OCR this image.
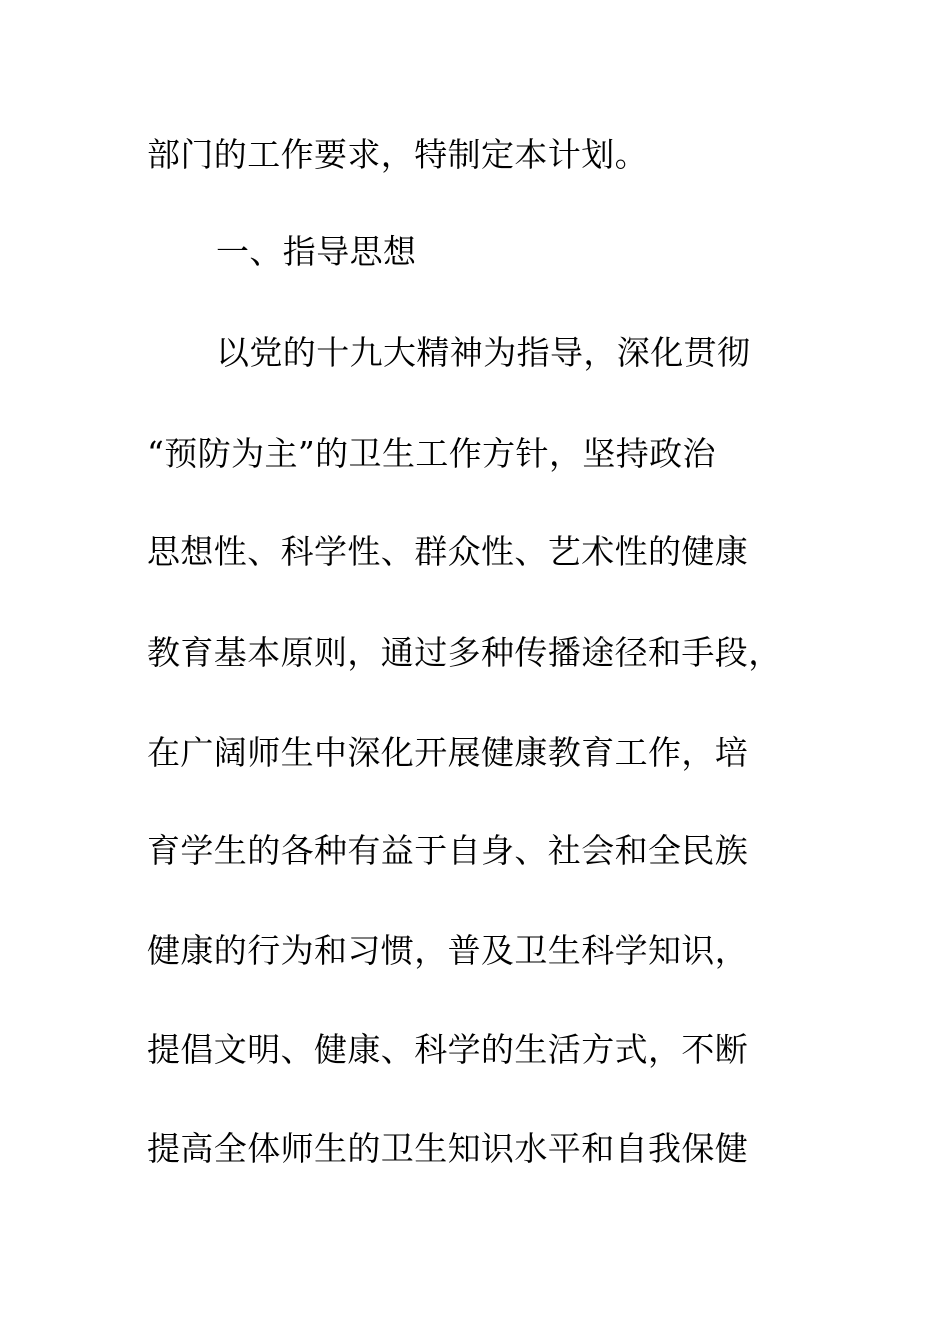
部门的工作要求，特制定本计划。
一、指导思想
以党的十九大精神为指导，深化贯彻
“预防为主”的卫生工作方针，坚持政治
思想性、科学性、群众性、艺术性的健康
教育基本原则，通过多种传播途径和手段，
在广阔师生中深化开展健康教育工作，培
育学生的各种有益于自身、社会和全民族
健康的行为和习惯，普及卫生科学知识，
提倡文明、健康、科学的生活方式，不断
提高全体师生的卫生知识水平和自我保健
